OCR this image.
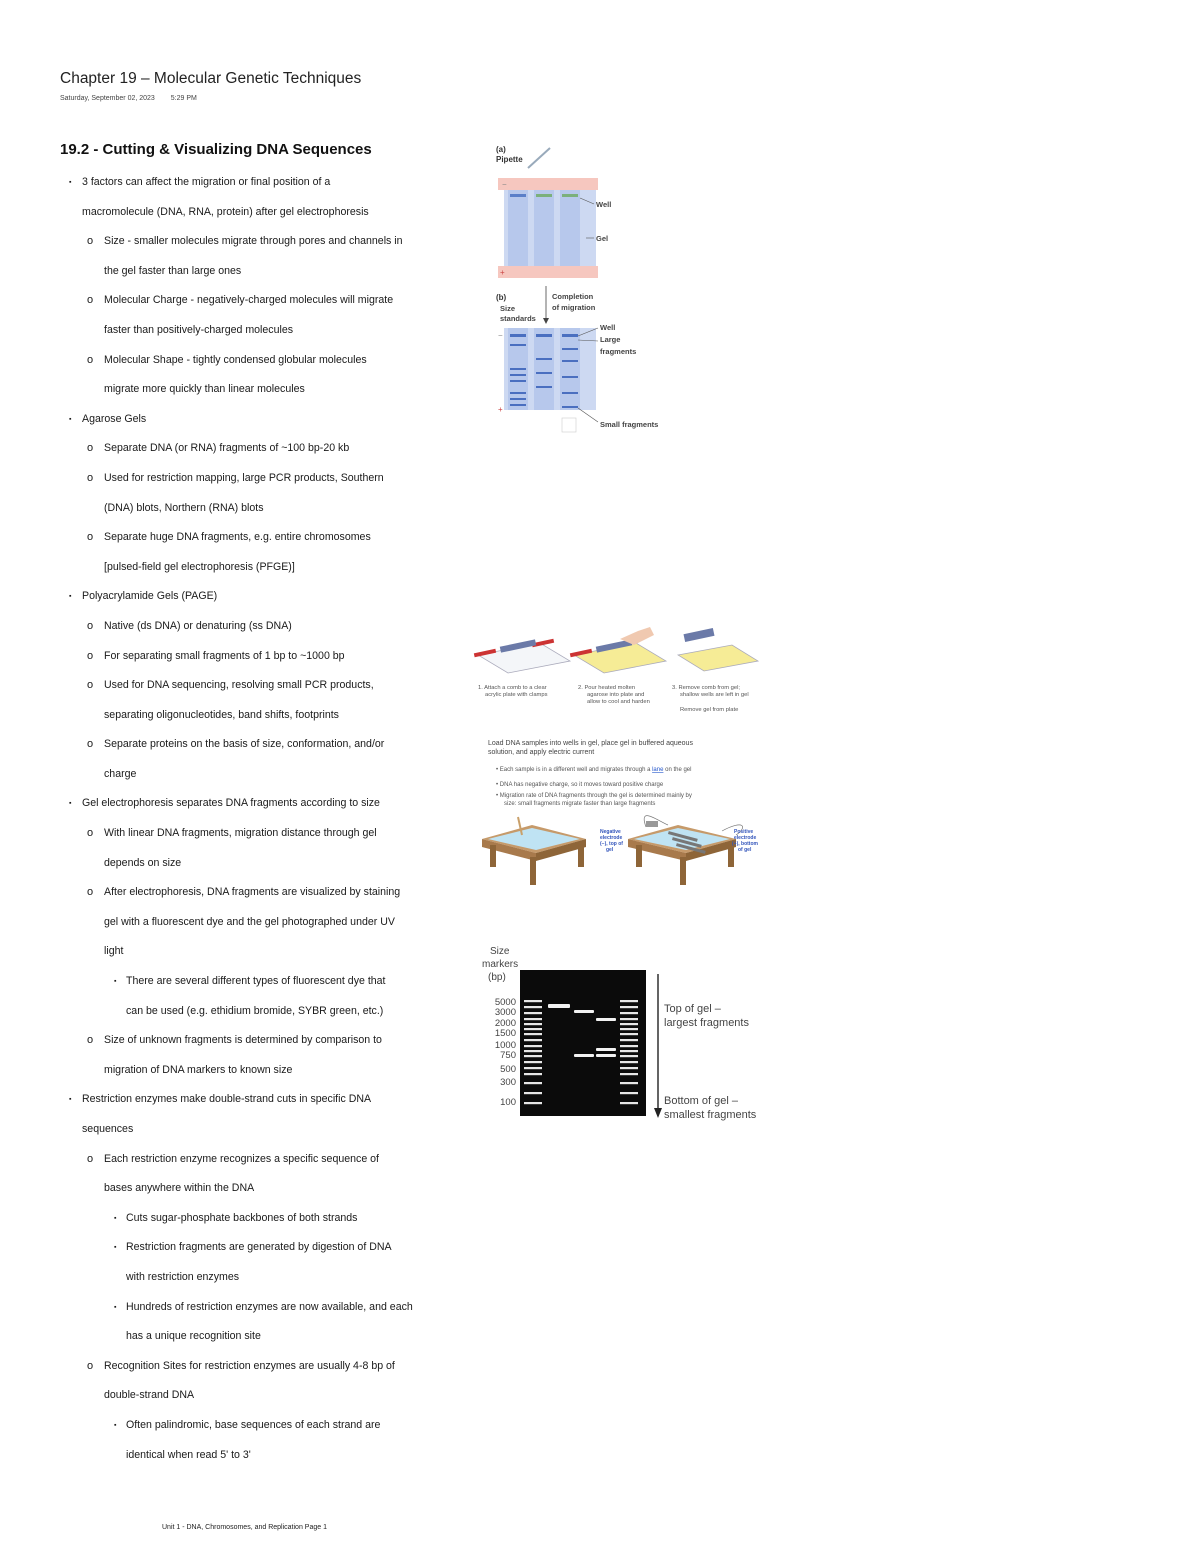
Chapter 19 – Molecular Genetic Techniques
Saturday, September 02, 2023 5:29 PM
19.2 - Cutting & Visualizing DNA Sequences
▪ 3 factors can affect the migration or final position of a
macromolecule (DNA, RNA, protein) after gel electrophoresis
o Size - smaller molecules migrate through pores and channels in
the gel faster than large ones
o Molecular Charge - negatively-charged molecules will migrate
faster than positively-charged molecules
o Molecular Shape - tightly condensed globular molecules
migrate more quickly than linear molecules
▪ Agarose Gels
o Separate DNA (or RNA) fragments of ~100 bp-20 kb
o Used for restriction mapping, large PCR products, Southern
(DNA) blots, Northern (RNA) blots
o Separate huge DNA fragments, e.g. entire chromosomes
[pulsed-field gel electrophoresis (PFGE)]
▪ Polyacrylamide Gels (PAGE)
o Native (ds DNA) or denaturing (ss DNA)
o For separating small fragments of 1 bp to ~1000 bp
o Used for DNA sequencing, resolving small PCR products,
separating oligonucleotides, band shifts, footprints
o Separate proteins on the basis of size, conformation, and/or
charge
▪ Gel electrophoresis separates DNA fragments according to size
o With linear DNA fragments, migration distance through gel
depends on size
o After electrophoresis, DNA fragments are visualized by staining
gel with a fluorescent dye and the gel photographed under UV
light
▪ There are several different types of fluorescent dye that
can be used (e.g. ethidium bromide, SYBR green, etc.)
o Size of unknown fragments is determined by comparison to
migration of DNA markers to known size
▪ Restriction enzymes make double-strand cuts in specific DNA
sequences
o Each restriction enzyme recognizes a specific sequence of
bases anywhere within the DNA
▪ Cuts sugar-phosphate backbones of both strands
▪ Restriction fragments are generated by digestion of DNA
with restriction enzymes
▪ Hundreds of restriction enzymes are now available, and each
has a unique recognition site
o Recognition Sites for restriction enzymes are usually 4-8 bp of
double-strand DNA
▪ Often palindromic, base sequences of each strand are
identical when read 5' to 3'
(a)
Pipette
−
+
Well
Gel
(b)
Size
standards
Completion
of migration
−
+
Well
Large
fragments
Small fragments
1. Attach a comb to a clear
acrylic plate with clamps
2. Pour heated molten
agarose into plate and
allow to cool and harden
3. Remove comb from gel;
shallow wells are left in gel
Remove gel from plate
Load DNA samples into wells in gel, place gel in buffered aqueous
solution, and apply electric current
• Each sample is in a different well and migrates through a lane on the gel
• DNA has negative charge, so it moves toward positive charge
• Migration rate of DNA fragments through the gel is determined mainly by
size: small fragments migrate faster than large fragments
Negative
electrode
(−), top of
gel
Positive
electrode
(+), bottom
of gel
Size
markers
(bp)
5000
3000
2000
1500
1000
750
500
300
100
Top of gel –
largest fragments
Bottom of gel –
smallest fragments
Unit 1 - DNA, Chromosomes, and Replication Page 1
